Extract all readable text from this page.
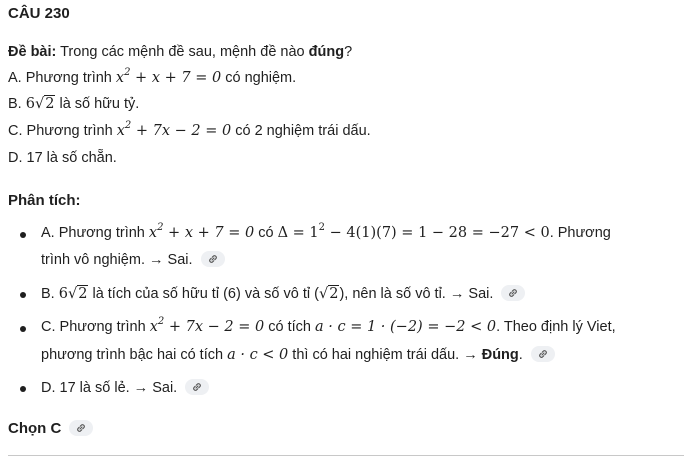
CÂU 230
Đề bài: Trong các mệnh đề sau, mệnh đề nào đúng?
A. Phương trình $x^2 + x + 7 = 0$ có nghiệm.
B. 6√2 là số hữu tỷ.
C. Phương trình $x^2 + 7x - 2 = 0$ có 2 nghiệm trái dấu.
D. 17 là số chẵn.
Phân tích:
A. Phương trình $x^2 + x + 7 = 0$ có $\Delta = 1^2 - 4(1)(7) = 1 - 28 = -27 < 0$. Phương
trình vô nghiệm. → Sai.
B. 6√2 là tích của số hữu tỉ (6) và số vô tỉ (√2), nên là số vô tỉ. → Sai.
C. Phương trình $x^2 + 7x - 2 = 0$ có tích a · c = 1 · (−2) = −2 < 0. Theo định lý Viet,
phương trình bậc hai có tích a · c < 0 thì có hai nghiệm trái dấu. → Đúng.
D. 17 là số lẻ. → Sai.
Chọn C
